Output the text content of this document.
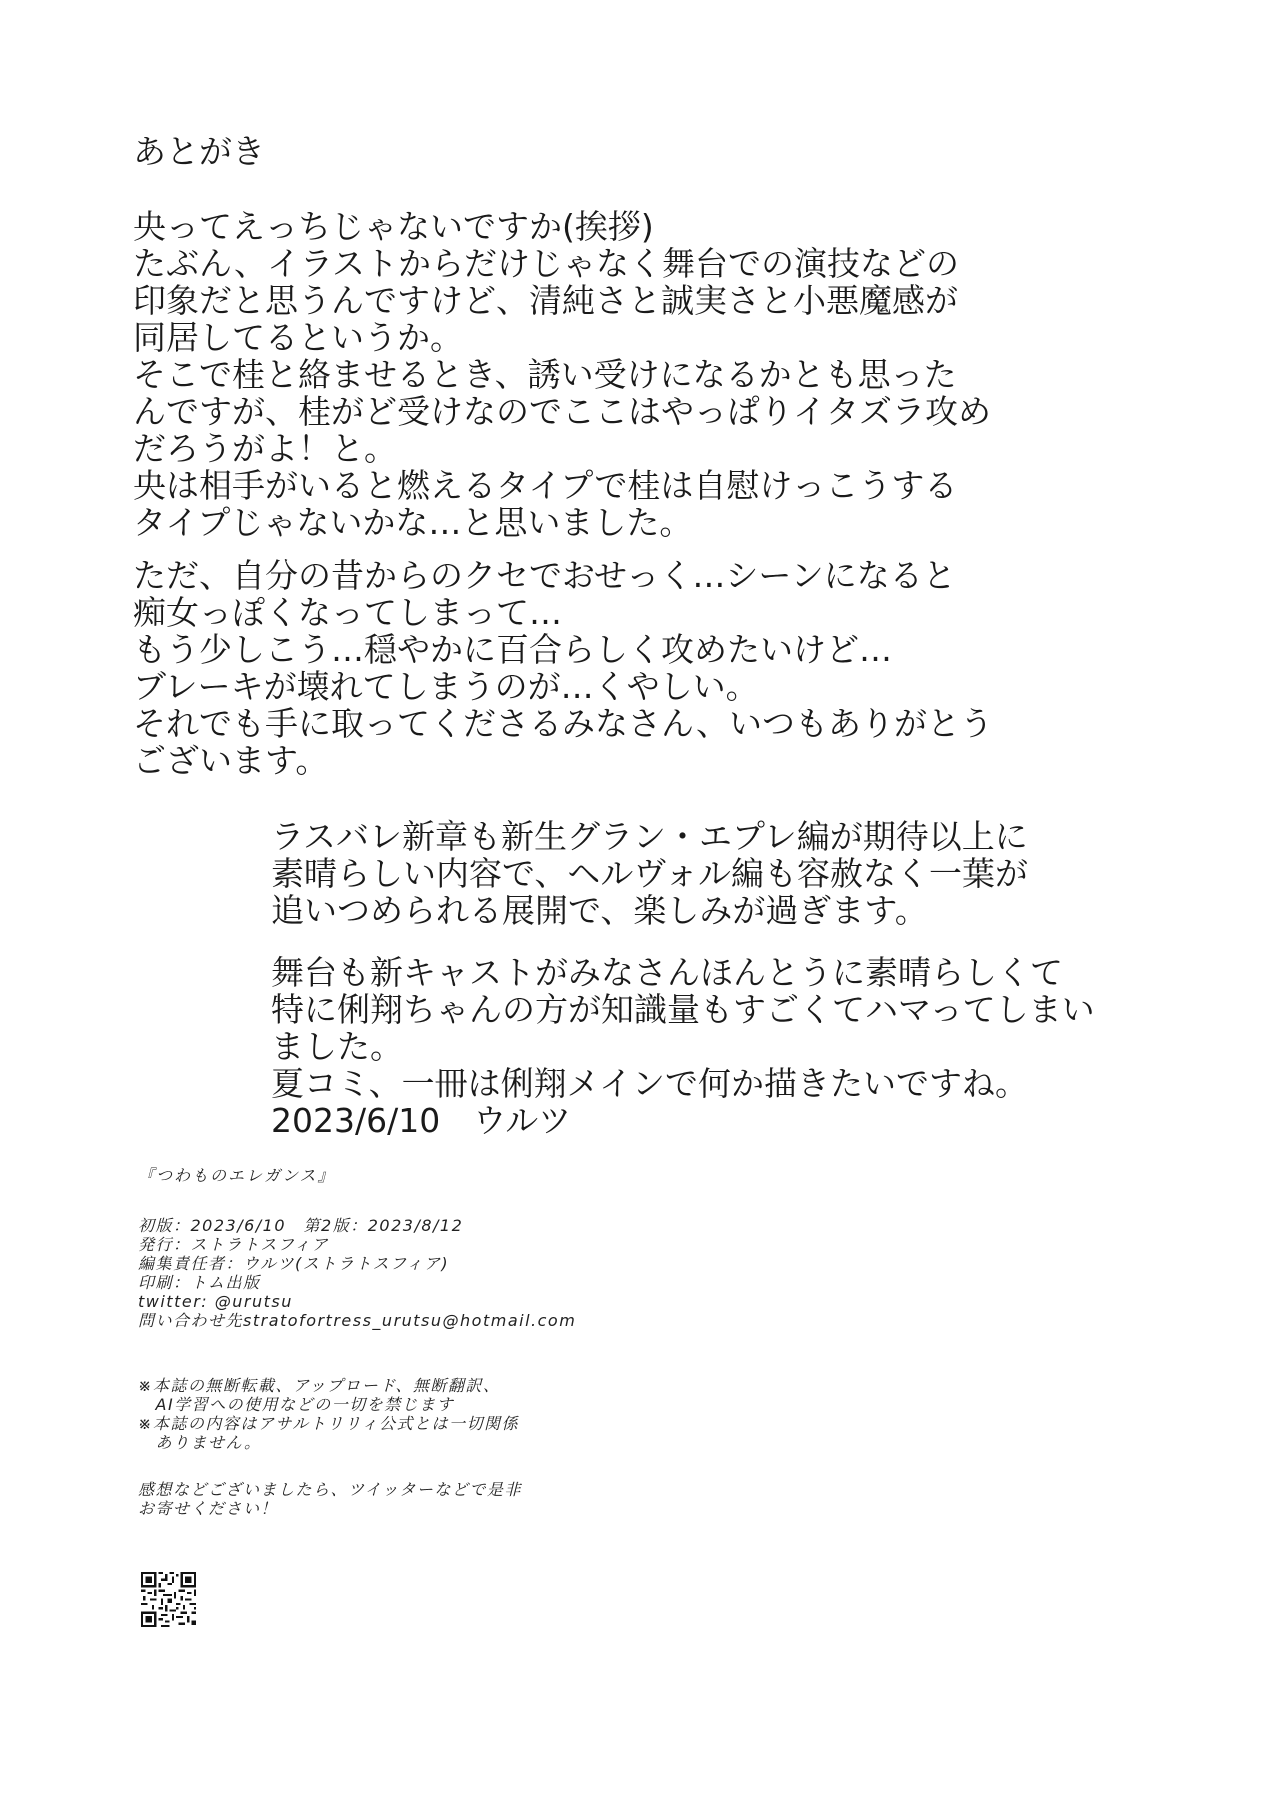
あとがき
央ってえっちじゃないですか(挨拶)
たぶん、イラストからだけじゃなく舞台での演技などの
印象だと思うんですけど、清純さと誠実さと小悪魔感が
同居してるというか。
そこで桂と絡ませるとき、誘い受けになるかとも思った
んですが、桂がど受けなのでここはやっぱりイタズラ攻め
だろうがよ！と。
央は相手がいると燃えるタイプで桂は自慰けっこうする
タイプじゃないかな…と思いました。
ただ、自分の昔からのクセでおせっく…シーンになると
痴女っぽくなってしまって…
もう少しこう…穏やかに百合らしく攻めたいけど…
ブレーキが壊れてしまうのが…くやしい。
それでも手に取ってくださるみなさん、いつもありがとう
ございます。
ラスバレ新章も新生グラン・エプレ編が期待以上に
素晴らしい内容で、ヘルヴォル編も容赦なく一葉が
追いつめられる展開で、楽しみが過ぎます。
舞台も新キャストがみなさんほんとうに素晴らしくて
特に俐翔ちゃんの方が知識量もすごくてハマってしまい
ました。
夏コミ、一冊は俐翔メインで何か描きたいですね。
2023/6/10　ウルツ
『つわものエレガンス』
初版：2023/6/10　第2版：2023/8/12
発行：ストラトスフィア
編集責任者：ウルツ(ストラトスフィア)
印刷：トム出版
twitter: @urutsu
問い合わせ先stratofortress_urutsu@hotmail.com
※本誌の無断転載、アップロード、無断翻訳、
　AI学習への使用などの一切を禁じます
※本誌の内容はアサルトリリィ公式とは一切関係
　ありません。
感想などございましたら、ツイッターなどで是非
お寄せください！
